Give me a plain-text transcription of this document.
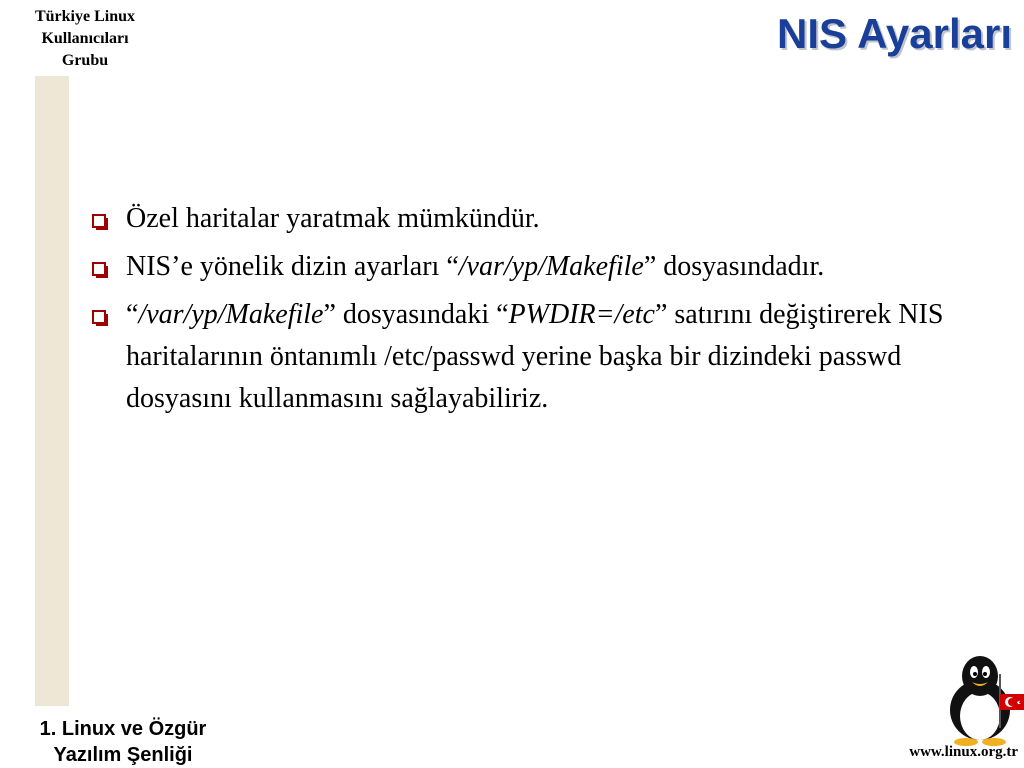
Türkiye Linux
Kullanıcıları
Grubu
NIS Ayarları
Özel haritalar yaratmak mümkündür.
NIS’e yönelik dizin ayarları “/var/yp/Makefile” dosyasındadır.
“/var/yp/Makefile” dosyasındaki “PWDIR=/etc” satırını değiştirerek NIS haritalarının öntanımlı /etc/passwd yerine başka bir dizindeki passwd dosyasını kullanmasını sağlayabiliriz.
1. Linux ve Özgür
Yazılım Şenliği	www.linux.org.tr
